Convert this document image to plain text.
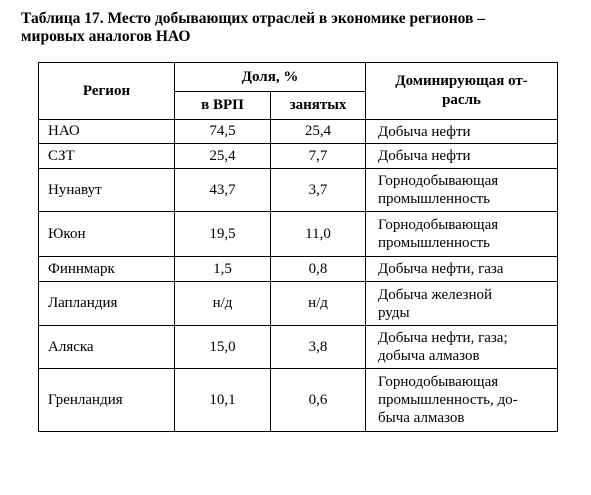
Таблица 17. Место добывающих отраслей в экономике регионов –
мировых аналогов НАО
Регион	Доля, %		Доминирующая от-
расль
	в ВРП	занятых	
НАО	74,5	25,4	Добыча нефти
СЗТ	25,4	7,7	Добыча нефти
Нунавут	43,7	3,7	Горнодобывающая
промышленность
Юкон	19,5	11,0	Горнодобывающая
промышленность
Финнмарк	1,5	0,8	Добыча нефти, газа
Лапландия	н/д	н/д	Добыча железной
руды
Аляска	15,0	3,8	Добыча нефти, газа;
добыча алмазов
Гренландия	10,1	0,6	Горнодобывающая
промышленность, до-
быча алмазов
